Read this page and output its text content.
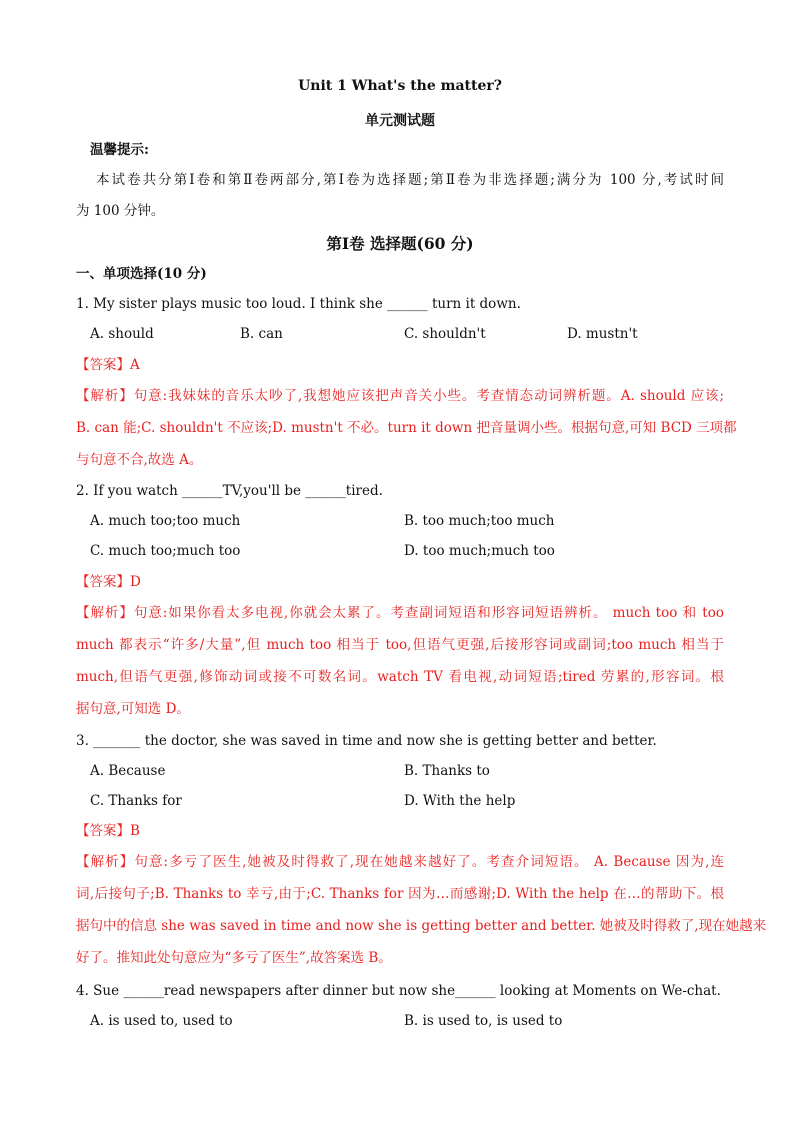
Unit 1 What's the matter?
单元测试题
温馨提示:
本试卷共分第Ⅰ卷和第Ⅱ卷两部分,第Ⅰ卷为选择题;第Ⅱ卷为非选择题;满分为 100 分,考试时间
为 100 分钟。
第Ⅰ卷 选择题(60 分)
一、单项选择(10 分)
1. My sister plays music too loud. I think she ______ turn it down.
A. should	B. can	C. shouldn't	D. mustn't
【答案】A
【解析】句意:我妹妹的音乐太吵了,我想她应该把声音关小些。考查情态动词辨析题。A. should 应该;
B. can 能;C. shouldn't 不应该;D. mustn't 不必。turn it down 把音量调小些。根据句意,可知 BCD 三项都
与句意不合,故选 A。
2. If you watch ______TV,you'll be ______tired.
A. much too;too much	B. too much;too much
C. much too;much too	D. too much;much too
【答案】D
【解析】句意:如果你看太多电视,你就会太累了。考查副词短语和形容词短语辨析。 much too 和 too
much 都表示“许多/大量”,但 much too 相当于 too,但语气更强,后接形容词或副词;too much 相当于
much,但语气更强,修饰动词或接不可数名词。watch TV 看电视,动词短语;tired 劳累的,形容词。根
据句意,可知选 D。
3. _______ the doctor, she was saved in time and now she is getting better and better.
A. Because	B. Thanks to
C. Thanks for	D. With the help
【答案】B
【解析】句意:多亏了医生,她被及时得救了,现在她越来越好了。考查介词短语。 A. Because 因为,连
词,后接句子;B. Thanks to 幸亏,由于;C. Thanks for 因为…而感谢;D. With the help 在…的帮助下。根
据句中的信息 she was saved in time and now she is getting better and better. 她被及时得救了,现在她越来
好了。推知此处句意应为“多亏了医生”,故答案选 B。
4. Sue ______read newspapers after dinner but now she______ looking at Moments on We-chat.
A. is used to, used to	B. is used to, is used to
